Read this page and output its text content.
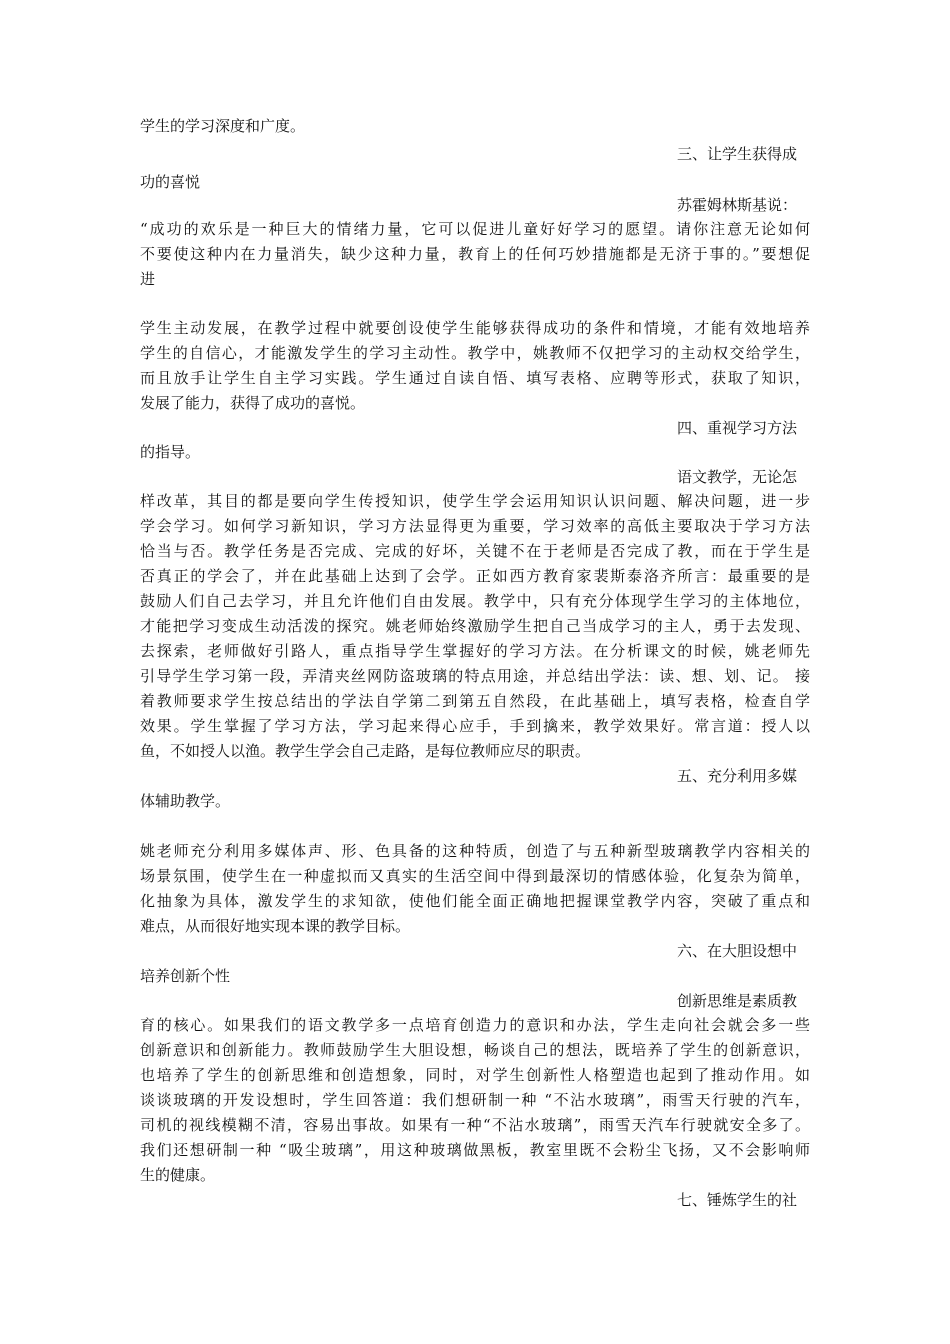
学生的学习深度和广度。
三、让学生获得成
功的喜悦
苏霍姆林斯基说：
“成功的欢乐是一种巨大的情绪力量，它可以促进儿童好好学习的愿望。请你注意无论如何
不要使这种内在力量消失，缺少这种力量，教育上的任何巧妙措施都是无济于事的。”要想促
进
学生主动发展，在教学过程中就要创设使学生能够获得成功的条件和情境，才能有效地培养
学生的自信心，才能激发学生的学习主动性。教学中，姚教师不仅把学习的主动权交给学生，
而且放手让学生自主学习实践。学生通过自读自悟、填写表格、应聘等形式，获取了知识，
发展了能力，获得了成功的喜悦。
四、重视学习方法
的指导。
语文教学，无论怎
样改革，其目的都是要向学生传授知识，使学生学会运用知识认识问题、解决问题，进一步
学会学习。如何学习新知识，学习方法显得更为重要，学习效率的高低主要取决于学习方法
恰当与否。教学任务是否完成、完成的好坏，关键不在于老师是否完成了教，而在于学生是
否真正的学会了，并在此基础上达到了会学。正如西方教育家裴斯泰洛齐所言：最重要的是
鼓励人们自己去学习，并且允许他们自由发展。教学中，只有充分体现学生学习的主体地位，
才能把学习变成生动活泼的探究。姚老师始终激励学生把自己当成学习的主人，勇于去发现、
去探索，老师做好引路人，重点指导学生掌握好的学习方法。在分析课文的时候，姚老师先
引导学生学习第一段，弄清夹丝网防盗玻璃的特点用途，并总结出学法：读、想、划、记。 接
着教师要求学生按总结出的学法自学第二到第五自然段，在此基础上，填写表格，检查自学
效果。学生掌握了学习方法，学习起来得心应手，手到擒来，教学效果好。常言道：授人以
鱼，不如授人以渔。教学生学会自己走路，是每位教师应尽的职责。
五、充分利用多媒
体辅助教学。
姚老师充分利用多媒体声、形、色具备的这种特质，创造了与五种新型玻璃教学内容相关的
场景氛围，使学生在一种虚拟而又真实的生活空间中得到最深切的情感体验，化复杂为简单，
化抽象为具体，激发学生的求知欲，使他们能全面正确地把握课堂教学内容，突破了重点和
难点，从而很好地实现本课的教学目标。
六、在大胆设想中
培养创新个性
创新思维是素质教
育的核心。如果我们的语文教学多一点培育创造力的意识和办法，学生走向社会就会多一些
创新意识和创新能力。教师鼓励学生大胆设想，畅谈自己的想法，既培养了学生的创新意识，
也培养了学生的创新思维和创造想象，同时，对学生创新性人格塑造也起到了推动作用。如
谈谈玻璃的开发设想时，学生回答道：我们想研制一种 “不沾水玻璃”，雨雪天行驶的汽车，
司机的视线模糊不清，容易出事故。如果有一种“不沾水玻璃”，雨雪天汽车行驶就安全多了。
我们还想研制一种 “吸尘玻璃”，用这种玻璃做黑板，教室里既不会粉尘飞扬，又不会影响师
生的健康。
七、锤炼学生的社
